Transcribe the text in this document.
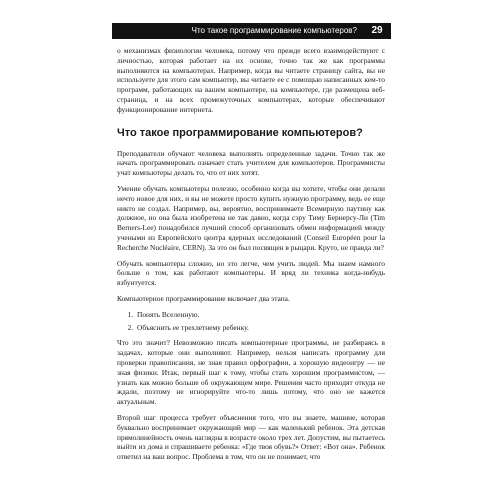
Что такое программирование компьютеров?	29

о механизмах физиологии человека, потому что прежде всего взаимодействуют с личностью, которая работает на их основе, точно так же как программы выполняются на компьютерах. Например, когда вы читаете страницу сайта, вы не используете для этого сам компьютер, вы читаете ее с помощью написанных кем-то программ, работающих на вашем компьютере, на компьютере, где размещена веб-страница, и на всех промежуточных компьютерах, которые обеспечивают функционирование интернета.

Что такое программирование компьютеров?

Преподаватели обучают человека выполнять определенные задачи. Точно так же начать программировать означает стать учителем для компьютеров. Программисты учат компьютеры делать то, что от них хотят.

Умение обучать компьютеры полезно, особенно когда вы хотите, чтобы они делали нечто новое для них, и вы не можете просто купить нужную программу, ведь ее еще никто не создал. Например, вы, вероятно, воспринимаете Всемирную паутину как должное, но она была изобретена не так давно, когда сэру Тиму Бернерсу-Ли (Tim Berners-Lee) понадобился лучший способ организовать обмен информацией между учеными из Европейского центра ядерных исследований (Conseil Européen pour la Recherche Nucléaire, CERN). За это он был посвящен в рыцари. Круто, не правда ли?

Обучать компьютеры сложно, но это легче, чем учить людей. Мы знаем намного больше о том, как работают компьютеры. И вряд ли техника когда-нибудь взбунтуется.

Компьютерное программирование включает два этапа.

1. Понять Вселенную.
2. Объяснить ее трехлетнему ребенку.

Что это значит? Невозможно писать компьютерные программы, не разбираясь в задачах, которые они выполняют. Например, нельзя написать программу для проверки правописания, не зная правил орфографии, а хорошую видеоигру — не зная физики. Итак, первый шаг к тому, чтобы стать хорошим программистом, — узнать как можно больше об окружающем мире. Решения часто приходят откуда не ждали, поэтому не игнорируйте что-то лишь потому, что оно не кажется актуальным.

Второй шаг процесса требует объяснения того, что вы знаете, машине, которая буквально воспринимает окружающий мир — как маленький ребенок. Эта детская прямолинейность очень наглядна в возрасте около трех лет. Допустим, вы пытаетесь выйти из дома и спрашиваете ребенка: «Где твоя обувь?» Ответ: «Вот она». Ребенок ответил на ваш вопрос. Проблема в том, что он не понимает, что
